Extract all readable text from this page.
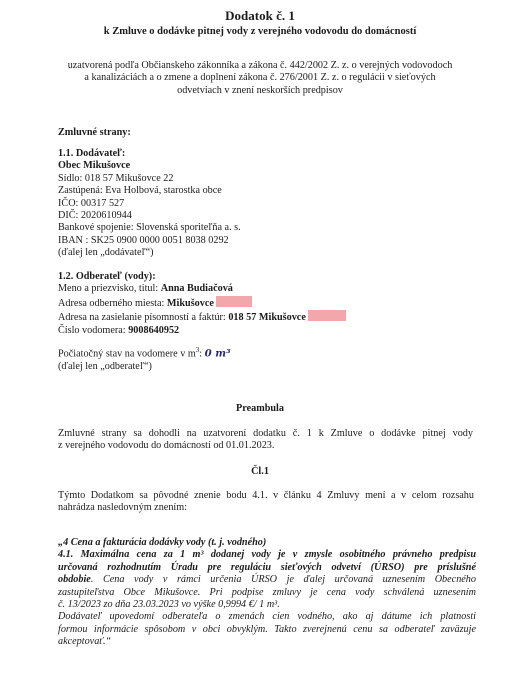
Dodatok č. 1
k Zmluve o dodávke pitnej vody z verejného vodovodu do domácností
uzatvorená podľa Občianskeho zákonníka a zákona č. 442/2002 Z. z. o verejných vodovodoch
a kanalizáciách a o zmene a doplnení zákona č. 276/2001 Z. z. o regulácii v sieťových
odvetviach v znení neskorších predpisov
Zmluvné strany:
1.1. Dodávateľ:
Obec Mikušovce
Sídlo: 018 57 Mikušovce 22
Zastúpená: Eva Holbová, starostka obce
IČO: 00317 527
DIČ: 2020610944
Bankové spojenie: Slovenská sporiteľňa a. s.
IBAN : SK25 0900 0000 0051 8038 0292
(ďalej len „dodávateľ“)
1.2. Odberateľ (vody):
Meno a priezvisko, titul: Anna Budiačová
Adresa odberného miesta: Mikušovce
Adresa na zasielanie písomností a faktúr: 018 57 Mikušovce
Číslo vodomera: 9008640952
Počiatočný stav na vodomere v $m^3$: 0 m³
(ďalej len „odberateľ“)
Preambula
Zmluvné strany sa dohodli na uzatvorení dodatku č. 1 k Zmluve o dodávke pitnej vody
z verejného vodovodu do domácností od 01.01.2023.
Čl.1
Týmto Dodatkom sa pôvodné znenie bodu 4.1. v článku 4 Zmluvy mení a v celom rozsahu
nahrádza nasledovným znením:
„4 Cena a fakturácia dodávky vody (t. j. vodného)
4.1. Maximálna cena za 1 m³ dodanej vody je v zmysle osobitného právneho predpisu
určovaná rozhodnutím Úradu pre reguláciu sieťových odvetví (ÚRSO) pre príslušné
obdobie. Cena vody v rámci určenia ÚRSO je ďalej určovaná uznesením Obecného
zastupiteľstva Obce Mikušovce. Pri podpise zmluvy je cena vody schválená uznesením
č. 13/2023 zo dňa 23.03.2023 vo výške 0,9994 €/ 1 m³.
Dodávateľ upovedomí odberateľa o zmenách cien vodného, ako aj dátume ich platnosti
formou informácie spôsobom v obci obvyklým. Takto zverejnenú cenu sa odberateľ zaväzuje
akceptovať.“
